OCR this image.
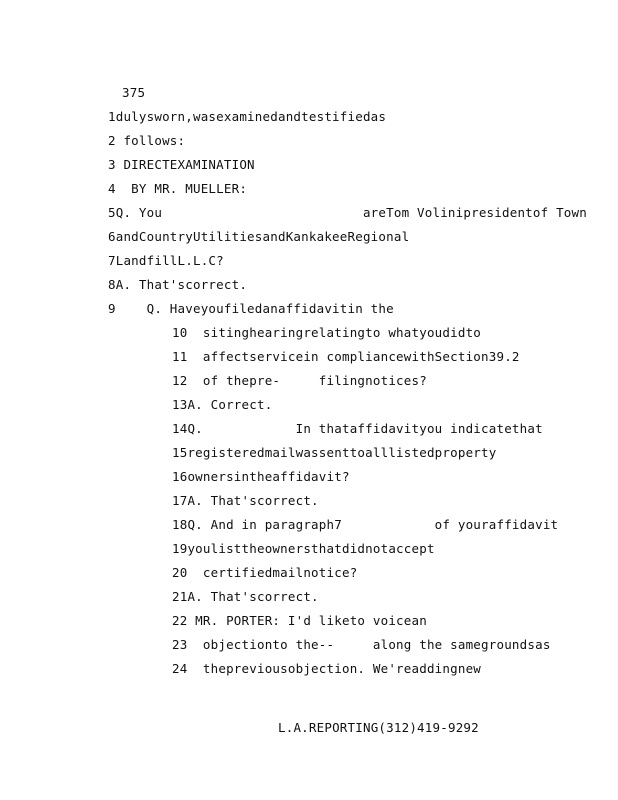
375
1dulysworn,wasexaminedandtestifiedas
2 follows:
3 DIRECTEXAMINATION
4  BY MR. MUELLER:
5Q. You                          areTom Volinipresidentof Town
6andCountryUtilitiesandKankakeeRegional
7LandfillL.L.C?
8A. That'scorrect.
9    Q. Haveyoufiledanaffidavitin the
10  sitinghearingrelatingto whatyoudidto
11  affectservicein compliancewithSection39.2
12  of thepre-     filingnotices?
13A. Correct.
14Q.            In thataffidavityou indicatethat
15registeredmailwassenttoalllistedproperty
16ownersintheaffidavit?
17A. That'scorrect.
18Q. And in paragraph7            of youraffidavit
19youlisttheownersthatdidnotaccept
20  certifiedmailnotice?
21A. That'scorrect.
22 MR. PORTER: I'd liketo voicean
23  objectionto the--     along the samegroundsas
24  thepreviousobjection. We'readdingnew
L.A.REPORTING(312)419-9292
